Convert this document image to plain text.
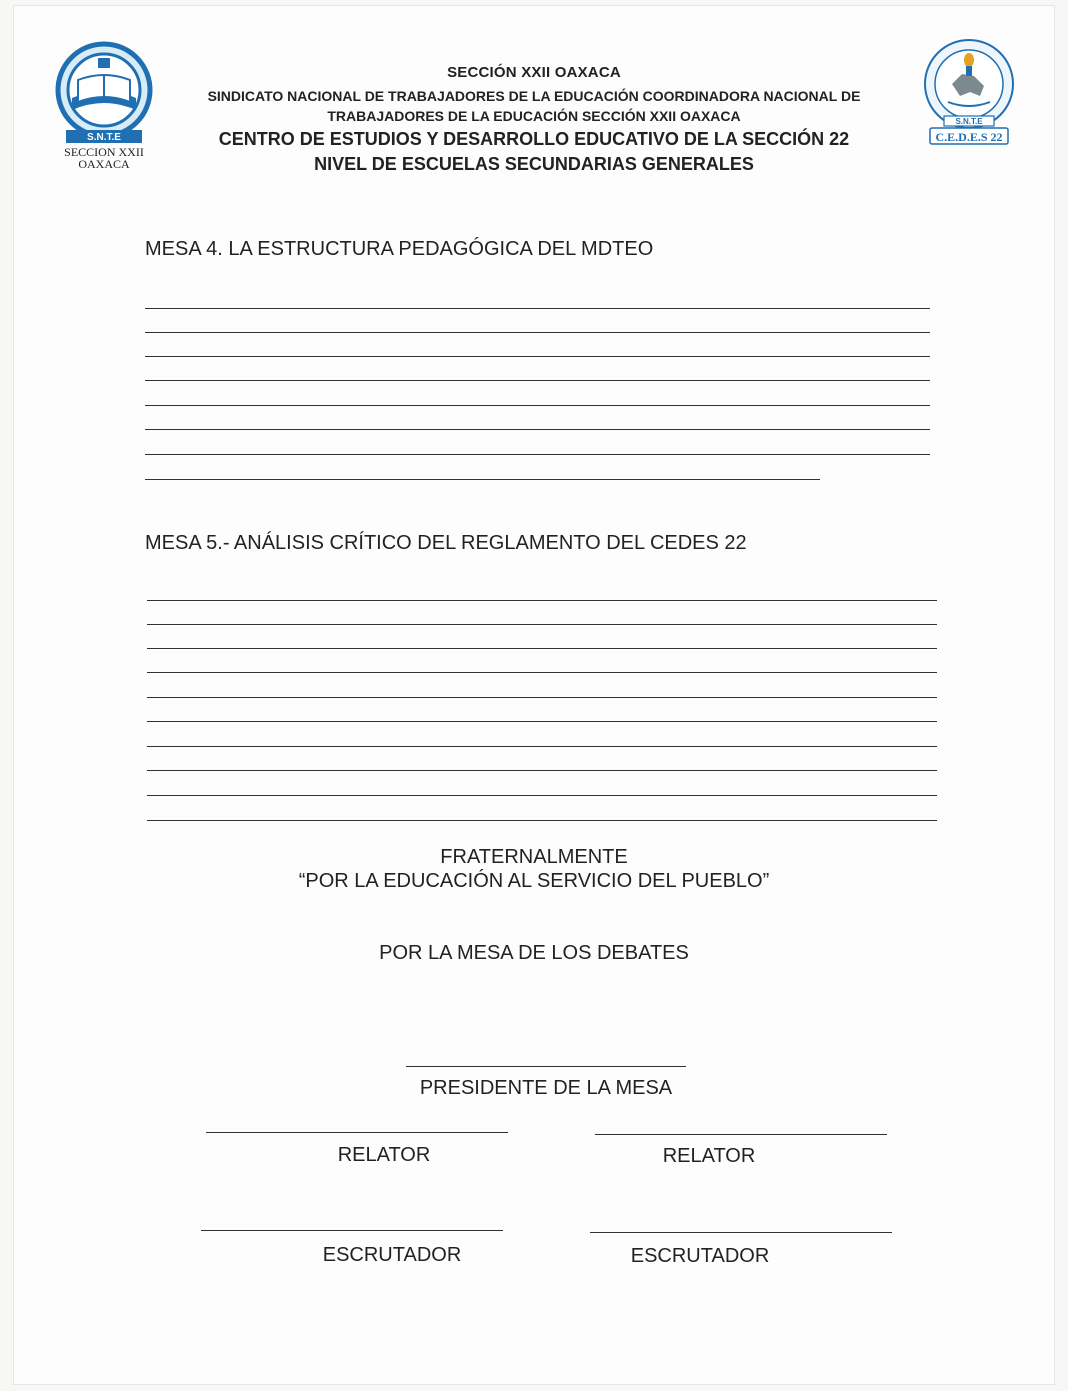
S.N.T.E
SECCION XXII
OAXACA
S.N.T.E
C.E.D.E.S 22
SECCIÓN XXII OAXACA
SINDICATO NACIONAL DE TRABAJADORES DE LA EDUCACIÓN COORDINADORA NACIONAL DE
TRABAJADORES DE LA EDUCACIÓN SECCIÓN XXII OAXACA
CENTRO DE ESTUDIOS Y DESARROLLO EDUCATIVO DE LA SECCIÓN 22
NIVEL DE ESCUELAS SECUNDARIAS GENERALES
MESA 4. LA ESTRUCTURA PEDAGÓGICA DEL MDTEO
MESA 5.- ANÁLISIS CRÍTICO DEL REGLAMENTO DEL CEDES 22
FRATERNALMENTE
“POR LA EDUCACIÓN AL SERVICIO DEL PUEBLO”
POR LA MESA DE LOS DEBATES
PRESIDENTE DE LA MESA
RELATOR	RELATOR
ESCRUTADOR	ESCRUTADOR
